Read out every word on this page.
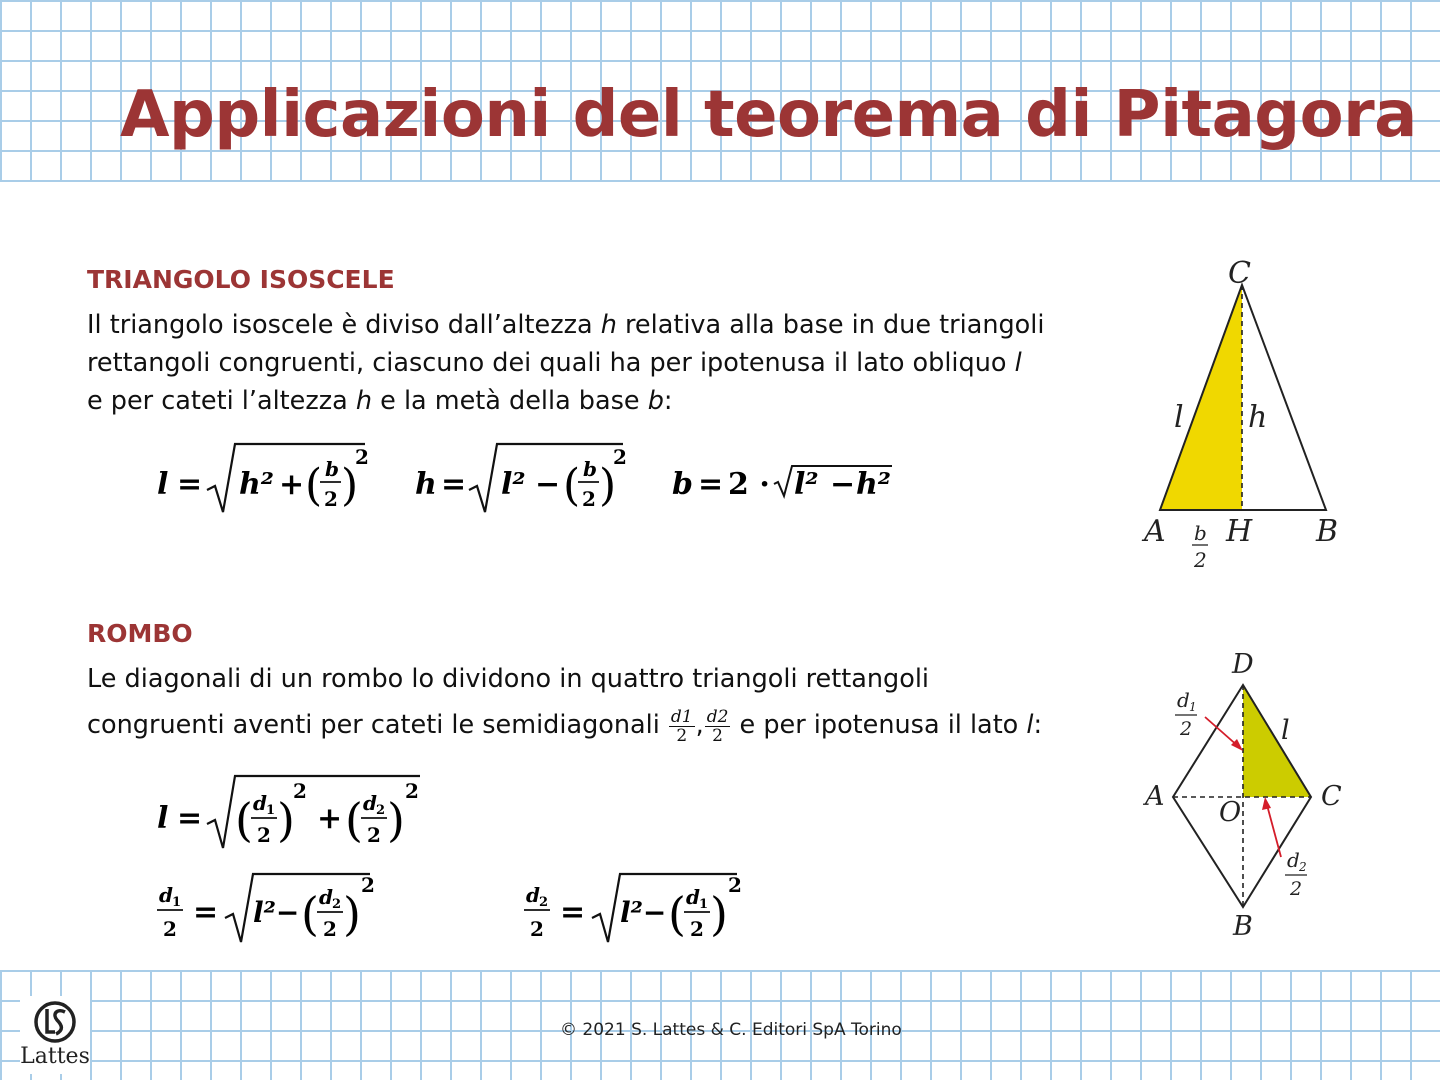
Applicazioni del teorema di Pitagora
TRIANGOLO ISOSCELE
Il triangolo isoscele è diviso dall’altezza h relativa alla base in due triangoli rettangoli congruenti, ciascuno dei quali ha per ipotenusa il lato obliquo l
e per cateti l’altezza h e la metà della base b:
l = h² + ( b
2 )
2
h = l² − ( b
2 )
2
b = 2 · l² − h²
C
l h
A H B
b
2
ROMBO
Le diagonali di un rombo lo dividono in quattro triangoli rettangoli
congruenti aventi per cateti le semidiagonali $\frac{d1}{2}$ , $\frac{d2}{2}$ e per ipotenusa il lato l:
l = ( d 1
2 )
2
+ ( d 2
2 )
2
d 1
2 = l²− ( d 2
2 )
2	d 2
2 = l²− ( d 1
2 )
2
D
A
O
C
B
l
d 1
2
d 2
2
Lattes
© 2021 S. Lattes & C. Editori SpA Torino
